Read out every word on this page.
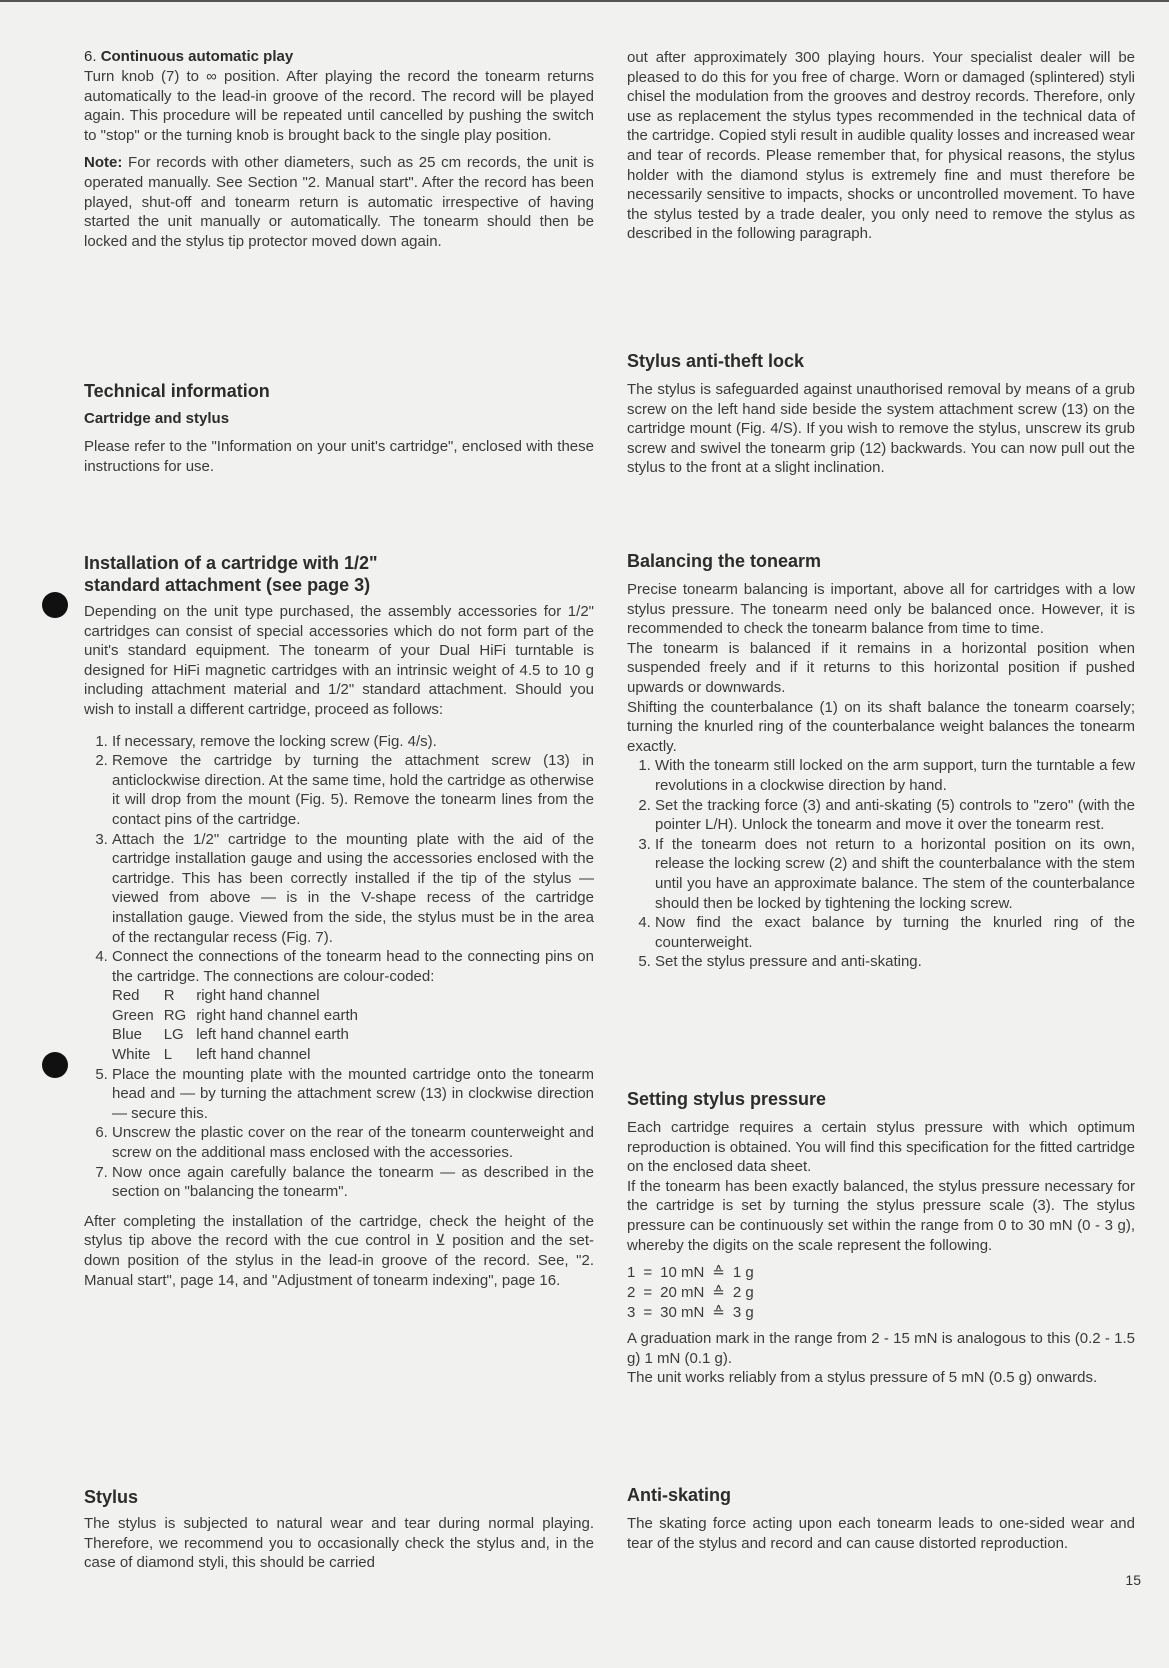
6. Continuous automatic play

Turn knob (7) to ∞ position. After playing the record the tonearm returns automatically to the lead-in groove of the record. The record will be played again. This procedure will be repeated until cancelled by pushing the switch to "stop" or the turning knob is brought back to the single play position.

Note: For records with other diameters, such as 25 cm records, the unit is operated manually. See Section "2. Manual start". After the record has been played, shut-off and tonearm return is automatic irrespective of having started the unit manually or automatically. The tonearm should then be locked and the stylus tip protector moved down again.

Technical information
Cartridge and stylus

Please refer to the "Information on your unit's cartridge", enclosed with these instructions for use.

Installation of a cartridge with 1/2"
standard attachment (see page 3)

Depending on the unit type purchased, the assembly accessories for 1/2" cartridges can consist of special accessories which do not form part of the unit's standard equipment. The tonearm of your Dual HiFi turntable is designed for HiFi magnetic cartridges with an intrinsic weight of 4.5 to 10 g including attachment material and 1/2" standard attachment. Should you wish to install a different cartridge, proceed as follows:

1. If necessary, remove the locking screw (Fig. 4/s).
2. Remove the cartridge by turning the attachment screw (13) in anticlockwise direction. At the same time, hold the cartridge as otherwise it will drop from the mount (Fig. 5). Remove the tonearm lines from the contact pins of the cartridge.
3. Attach the 1/2" cartridge to the mounting plate with the aid of the cartridge installation gauge and using the accessories enclosed with the cartridge. This has been correctly installed if the tip of the stylus — viewed from above — is in the V-shape recess of the cartridge installation gauge. Viewed from the side, the stylus must be in the area of the rectangular recess (Fig. 7).
4. Connect the connections of the tonearm head to the connecting pins on the cartridge. The connections are colour-coded:
Red	R	right hand channel
Green	RG	right hand channel earth
Blue	LG	left hand channel earth
White	L	left hand channel
5. Place the mounting plate with the mounted cartridge onto the tonearm head and — by turning the attachment screw (13) in clockwise direction — secure this.
6. Unscrew the plastic cover on the rear of the tonearm counterweight and screw on the additional mass enclosed with the accessories.
7. Now once again carefully balance the tonearm — as described in the section on "balancing the tonearm".

After completing the installation of the cartridge, check the height of the stylus tip above the record with the cue control in ⊻ position and the set-down position of the stylus in the lead-in groove of the record. See, "2. Manual start", page 14, and "Adjustment of tonearm indexing", page 16.

Stylus

The stylus is subjected to natural wear and tear during normal playing. Therefore, we recommend you to occasionally check the stylus and, in the case of diamond styli, this should be carried

out after approximately 300 playing hours. Your specialist dealer will be pleased to do this for you free of charge. Worn or damaged (splintered) styli chisel the modulation from the grooves and destroy records. Therefore, only use as replacement the stylus types recommended in the technical data of the cartridge. Copied styli result in audible quality losses and increased wear and tear of records. Please remember that, for physical reasons, the stylus holder with the diamond stylus is extremely fine and must therefore be necessarily sensitive to impacts, shocks or uncontrolled movement. To have the stylus tested by a trade dealer, you only need to remove the stylus as described in the following paragraph.

Stylus anti-theft lock

The stylus is safeguarded against unauthorised removal by means of a grub screw on the left hand side beside the system attachment screw (13) on the cartridge mount (Fig. 4/S). If you wish to remove the stylus, unscrew its grub screw and swivel the tonearm grip (12) backwards. You can now pull out the stylus to the front at a slight inclination.

Balancing the tonearm

Precise tonearm balancing is important, above all for cartridges with a low stylus pressure. The tonearm need only be balanced once. However, it is recommended to check the tonearm balance from time to time.

The tonearm is balanced if it remains in a horizontal position when suspended freely and if it returns to this horizontal position if pushed upwards or downwards.

Shifting the counterbalance (1) on its shaft balance the tonearm coarsely; turning the knurled ring of the counterbalance weight balances the tonearm exactly.

1. With the tonearm still locked on the arm support, turn the turntable a few revolutions in a clockwise direction by hand.
2. Set the tracking force (3) and anti-skating (5) controls to "zero" (with the pointer L/H). Unlock the tonearm and move it over the tonearm rest.
3. If the tonearm does not return to a horizontal position on its own, release the locking screw (2) and shift the counterbalance with the stem until you have an approximate balance. The stem of the counterbalance should then be locked by tightening the locking screw.
4. Now find the exact balance by turning the knurled ring of the counterweight.
5. Set the stylus pressure and anti-skating.
Setting stylus pressure

Each cartridge requires a certain stylus pressure with which optimum reproduction is obtained. You will find this specification for the fitted cartridge on the enclosed data sheet.

If the tonearm has been exactly balanced, the stylus pressure necessary for the cartridge is set by turning the stylus pressure scale (3). The stylus pressure can be continuously set within the range from 0 to 30 mN (0 - 3 g), whereby the digits on the scale represent the following.

1	=	10 mN	≙	1 g
2	=	20 mN	≙	2 g
3	=	30 mN	≙	3 g

A graduation mark in the range from 2 - 15 mN is analogous to this (0.2 - 1.5 g) 1 mN (0.1 g).

The unit works reliably from a stylus pressure of 5 mN (0.5 g) onwards.

Anti-skating

The skating force acting upon each tonearm leads to one-sided wear and tear of the stylus and record and can cause distorted reproduction.

15
